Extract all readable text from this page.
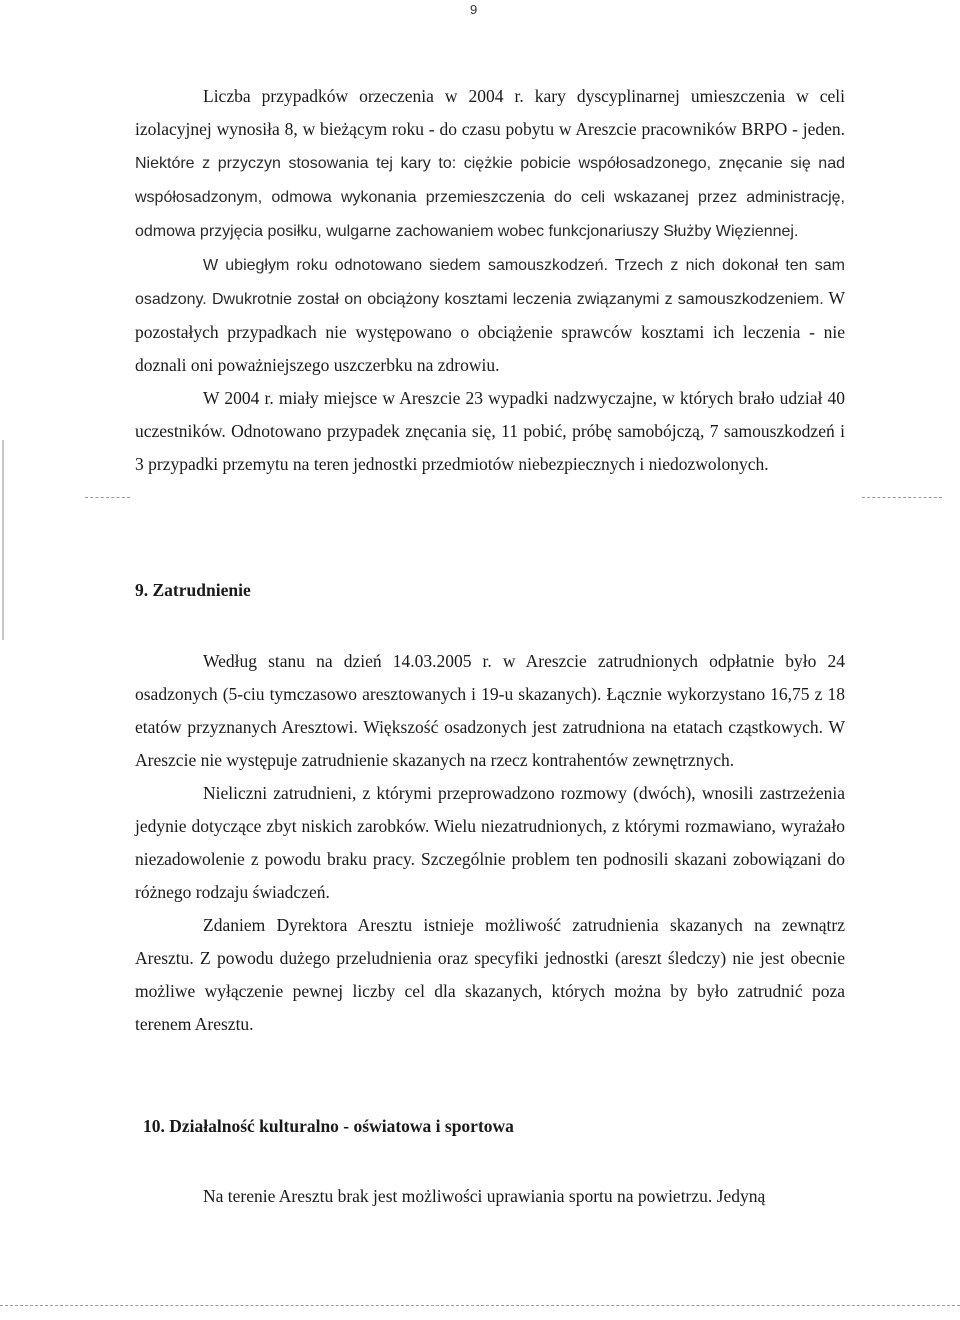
9

Liczba przypadków orzeczenia w 2004 r. kary dyscyplinarnej umieszczenia w celi izolacyjnej wynosiła 8, w bieżącym roku - do czasu pobytu w Areszcie pracowników BRPO - jeden. Niektóre z przyczyn stosowania tej kary to: ciężkie pobicie współosadzonego, znęcanie się nad współosadzonym, odmowa wykonania przemieszczenia do celi wskazanej przez administrację, odmowa przyjęcia posiłku, wulgarne zachowaniem wobec funkcjonariuszy Służby Więziennej.

W ubiegłym roku odnotowano siedem samouszkodzeń. Trzech z nich dokonał ten sam osadzony. Dwukrotnie został on obciążony kosztami leczenia związanymi z samouszkodzeniem. W pozostałych przypadkach nie występowano o obciążenie sprawców kosztami ich leczenia - nie doznali oni poważniejszego uszczerbku na zdrowiu.

W 2004 r. miały miejsce w Areszcie 23 wypadki nadzwyczajne, w których brało udział 40 uczestników. Odnotowano przypadek znęcania się, 11 pobić, próbę samobójczą, 7 samouszkodzeń i 3 przypadki przemytu na teren jednostki przedmiotów niebezpiecznych i niedozwolonych.

9. Zatrudnienie

Według stanu na dzień 14.03.2005 r. w Areszcie zatrudnionych odpłatnie było 24 osadzonych (5-ciu tymczasowo aresztowanych i 19-u skazanych). Łącznie wykorzystano 16,75 z 18 etatów przyznanych Aresztowi. Większość osadzonych jest zatrudniona na etatach cząstkowych. W Areszcie nie występuje zatrudnienie skazanych na rzecz kontrahentów zewnętrznych.

Nieliczni zatrudnieni, z którymi przeprowadzono rozmowy (dwóch), wnosili zastrzeżenia jedynie dotyczące zbyt niskich zarobków. Wielu niezatrudnionych, z którymi rozmawiano, wyrażało niezadowolenie z powodu braku pracy. Szczególnie problem ten podnosili skazani zobowiązani do różnego rodzaju świadczeń.

Zdaniem Dyrektora Aresztu istnieje możliwość zatrudnienia skazanych na zewnątrz Aresztu. Z powodu dużego przeludnienia oraz specyfiki jednostki (areszt śledczy) nie jest obecnie możliwe wyłączenie pewnej liczby cel dla skazanych, których można by było zatrudnić poza terenem Aresztu.

10. Działalność kulturalno - oświatowa i sportowa

Na terenie Aresztu brak jest możliwości uprawiania sportu na powietrzu. Jedyną
